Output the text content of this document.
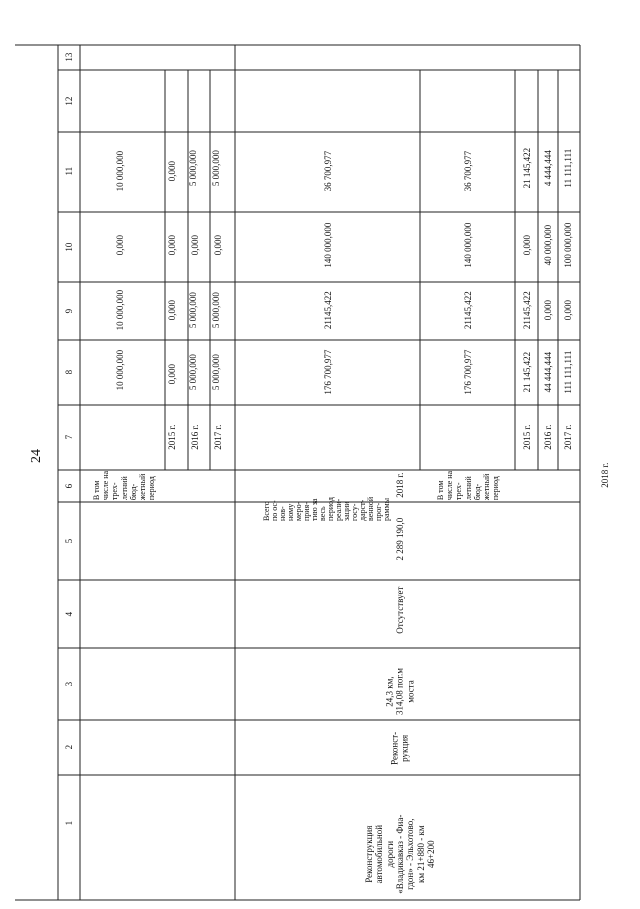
24
1
2
3
4
5
6
7
8
9
10
11
12
13
Реконструкция
автомобильной
дороги
«Владикавказ - Фиа-
гдон» - Эльхотово,
км 21+880 - км
46+200
Реконст-
рукция
24,3 км,
314,08 пог.м
моста
Отсутствует
2 289 190,0
2018 г.	2018 г.
В том
числе на
трех-
летний
бюд-
жетный
период
10 000,000
10 000,000
0,000
10 000,000
2015 г.
0,000
0,000
0,000
0,000
2016 г.
5 000,000
5 000,000
0,000
5 000,000
2017 г.
5 000,000
5 000,000
0,000
5 000,000
Всего
по ос-
нов-
ному
меро-
прия-
тию за
весь
период
реали-
зации
госу-
дарст-
венной
прог-
раммы
176 700,977
21145,422
140 000,000
36 700,977
В том
числе на
трех-
летний
бюд-
жетный
период
176 700,977
21145,422
140 000,000
36 700,977
2015 г.
21 145,422
21145,422
0,000
21 145,422
2016 г.
44 444,444
0,000
40 000,000
4 444,444
2017 г.
111 111,111
0,000
100 000,000
11 111,111
